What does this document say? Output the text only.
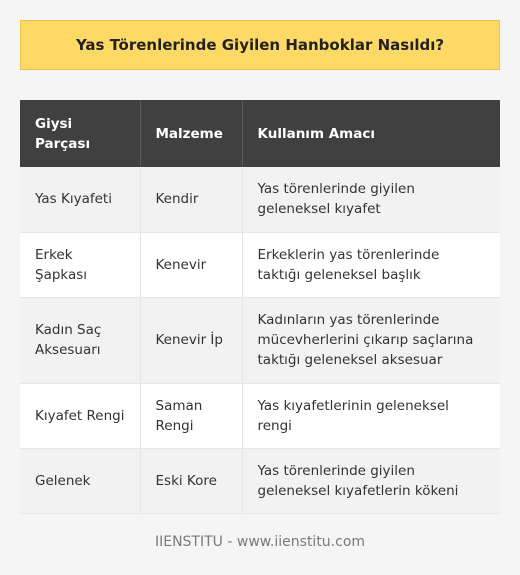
Yas Törenlerinde Giyilen Hanboklar Nasıldı?
Giysi Parçası	Malzeme	Kullanım Amacı
Yas Kıyafeti	Kendir	Yas törenlerinde giyilen geleneksel kıyafet
Erkek Şapkası	Kenevir	Erkeklerin yas törenlerinde taktığı geleneksel başlık
Kadın Saç Aksesuarı	Kenevir İp	Kadınların yas törenlerinde mücevherlerini çıkarıp saçlarına taktığı geleneksel aksesuar
Kıyafet Rengi	Saman Rengi	Yas kıyafetlerinin geleneksel rengi
Gelenek	Eski Kore	Yas törenlerinde giyilen geleneksel kıyafetlerin kökeni
IIENSTITU - www.iienstitu.com
